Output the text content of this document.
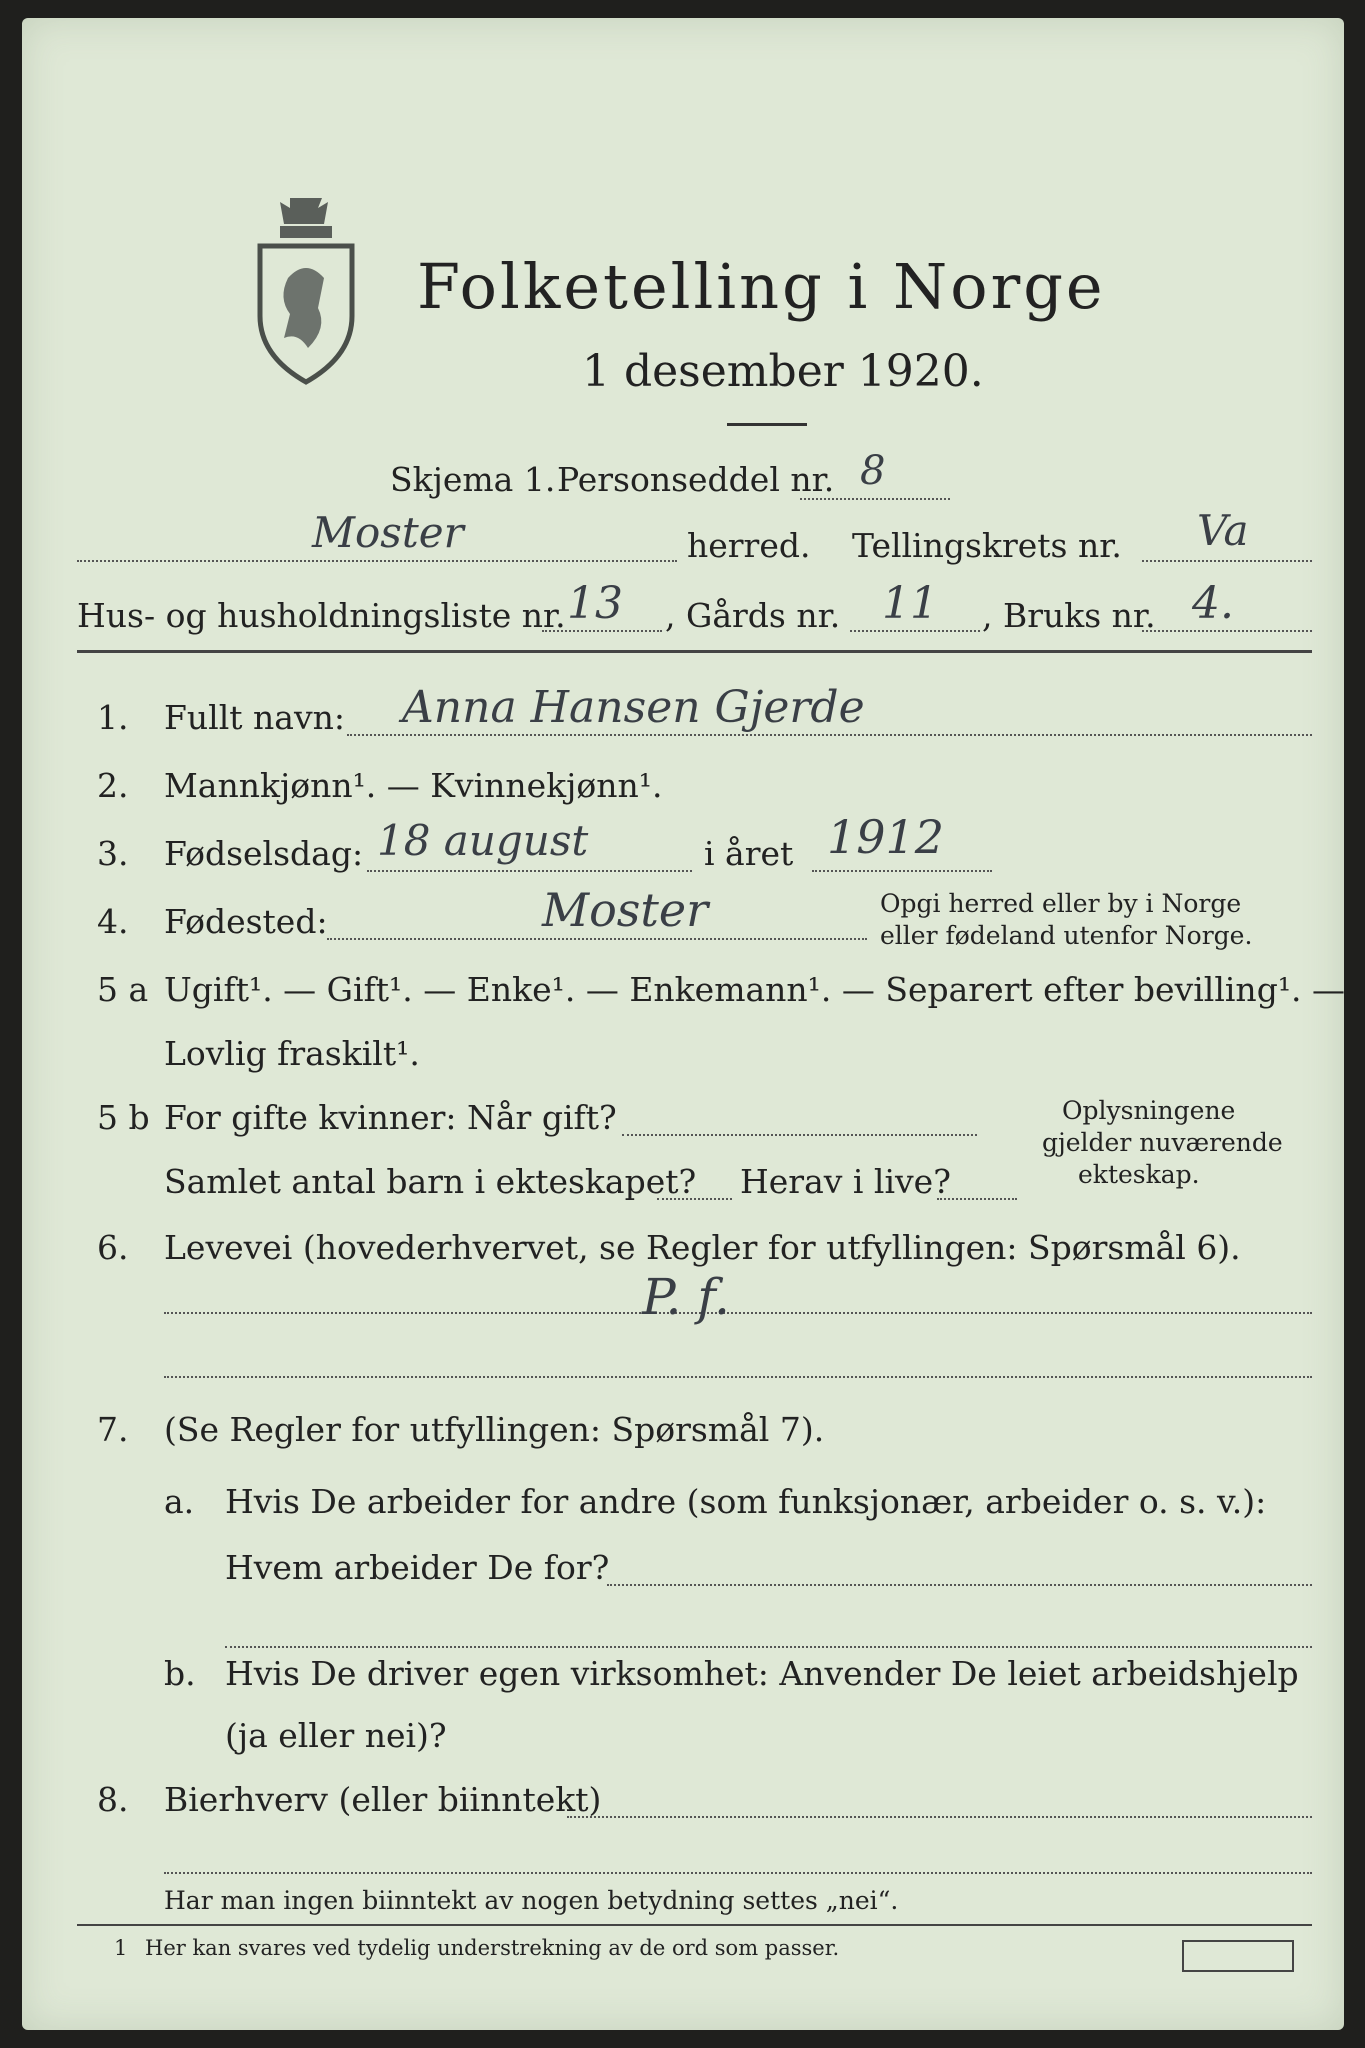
Folketelling i Norge
1 desember 1920.
Skjema 1. Personseddel nr. 8
Moster	herred. Tellingskrets nr. Va
Hus- og husholdningsliste nr. 13 , Gårds nr. 11 , Bruks nr. 4.
1. Fullt navn: Anna Hansen Gjerde
2. Mannkjønn¹. — Kvinnekjønn¹.
3. Fødselsdag: 18 august	i året 1912
4. Fødested:	Moster	Opgi herred eller by i Norge
eller fødeland utenfor Norge.
5 a Ugift¹. — Gift¹. — Enke¹. — Enkemann¹. — Separert efter bevilling¹. —
Lovlig fraskilt¹.
5 b For gifte kvinner: Når gift?
Samlet antal barn i ekteskapet? Herav i live?
Oplysningene
gjelder nuværende
ekteskap.
6. Levevei (hovederhvervet, se Regler for utfyllingen: Spørsmål 6).
P. f.
7. (Se Regler for utfyllingen: Spørsmål 7).
a. Hvis De arbeider for andre (som funksjonær, arbeider o. s. v.):
Hvem arbeider De for?
b. Hvis De driver egen virksomhet: Anvender De leiet arbeidshjelp
(ja eller nei)?
8. Bierhverv (eller biinntekt)
Har man ingen biinntekt av nogen betydning settes „nei“.
1 Her kan svares ved tydelig understrekning av de ord som passer.
